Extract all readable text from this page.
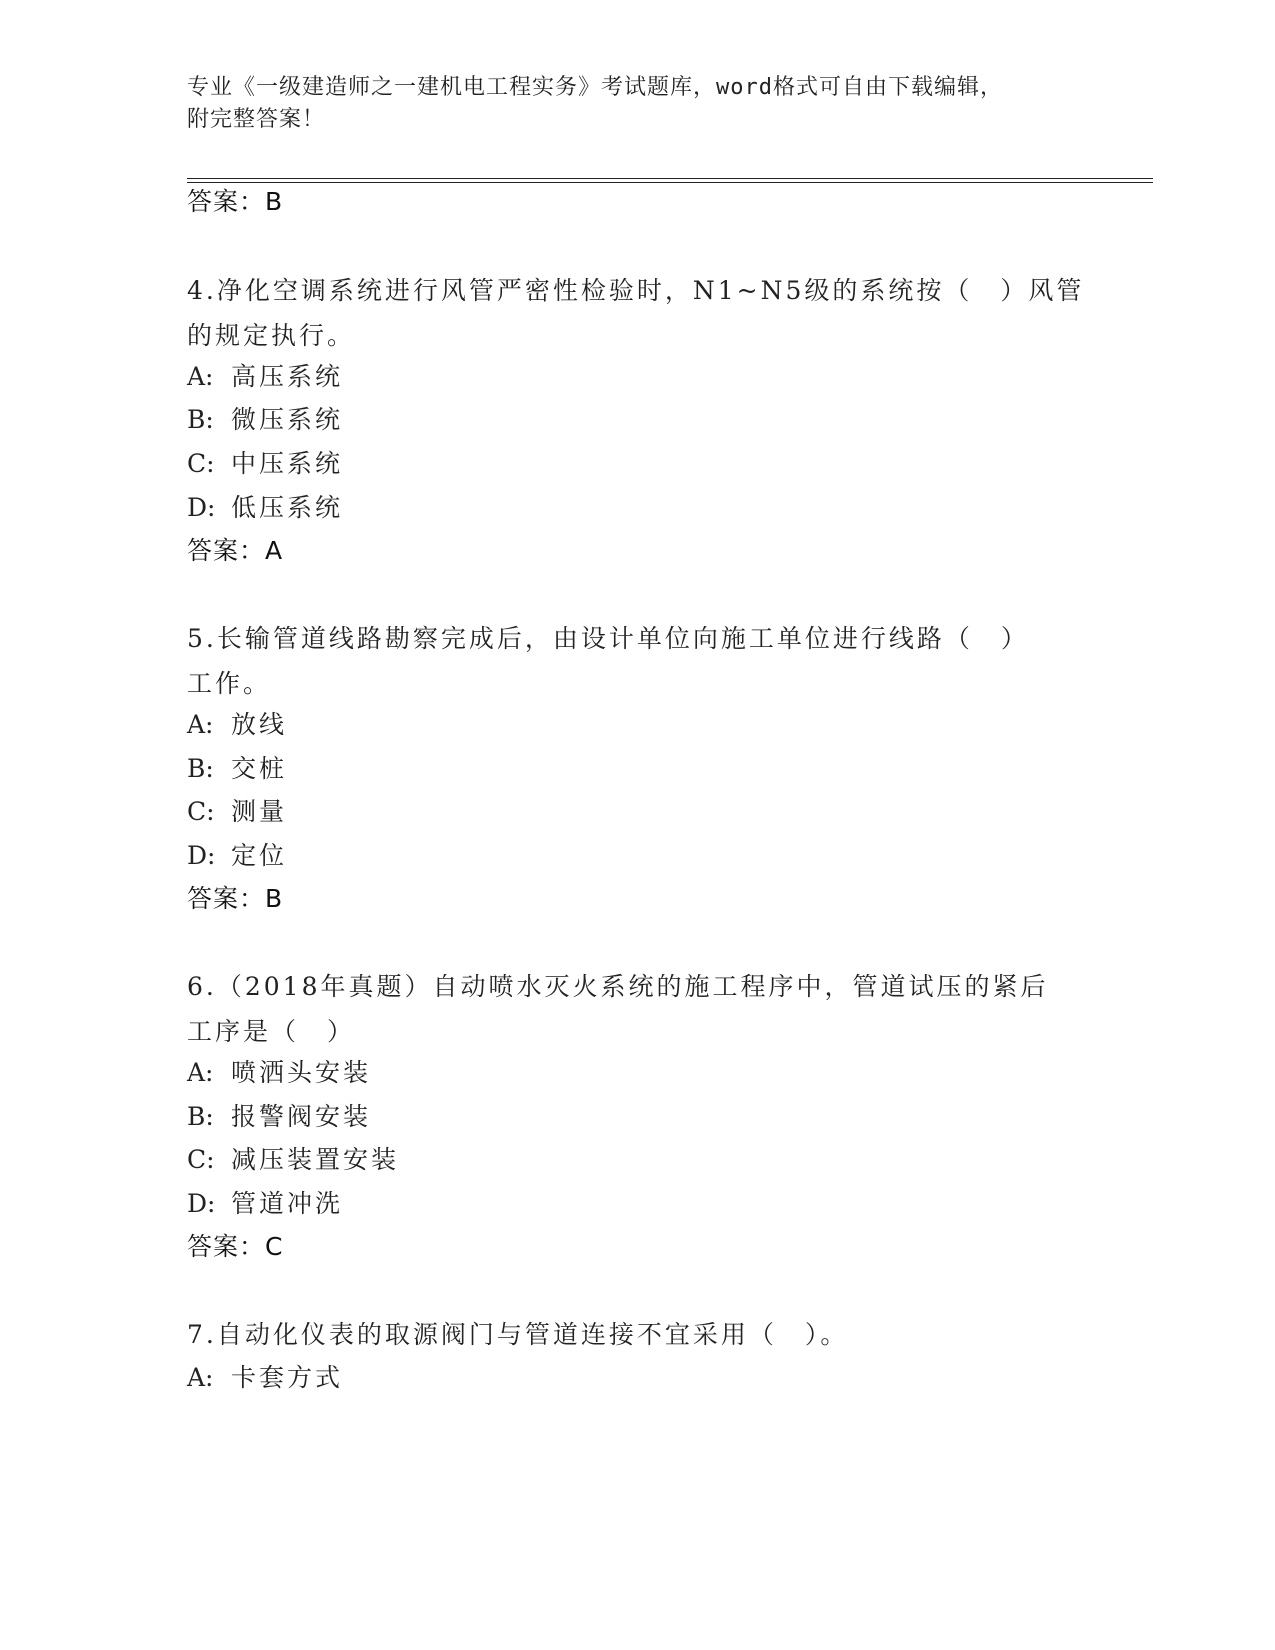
专业《一级建造师之一建机电工程实务》考试题库，word格式可自由下载编辑，
附完整答案！
答案：B
4.净化空调系统进行风管严密性检验时，N1~N5级的系统按（　）风管
的规定执行。
A: 高压系统
B: 微压系统
C: 中压系统
D: 低压系统
答案：A
5.长输管道线路勘察完成后，由设计单位向施工单位进行线路（　）
工作。
A: 放线
B: 交桩
C: 测量
D: 定位
答案：B
6.（2018年真题）自动喷水灭火系统的施工程序中，管道试压的紧后
工序是（　）
A: 喷洒头安装
B: 报警阀安装
C: 减压装置安装
D: 管道冲洗
答案：C
7.自动化仪表的取源阀门与管道连接不宜采用（　）。
A: 卡套方式
